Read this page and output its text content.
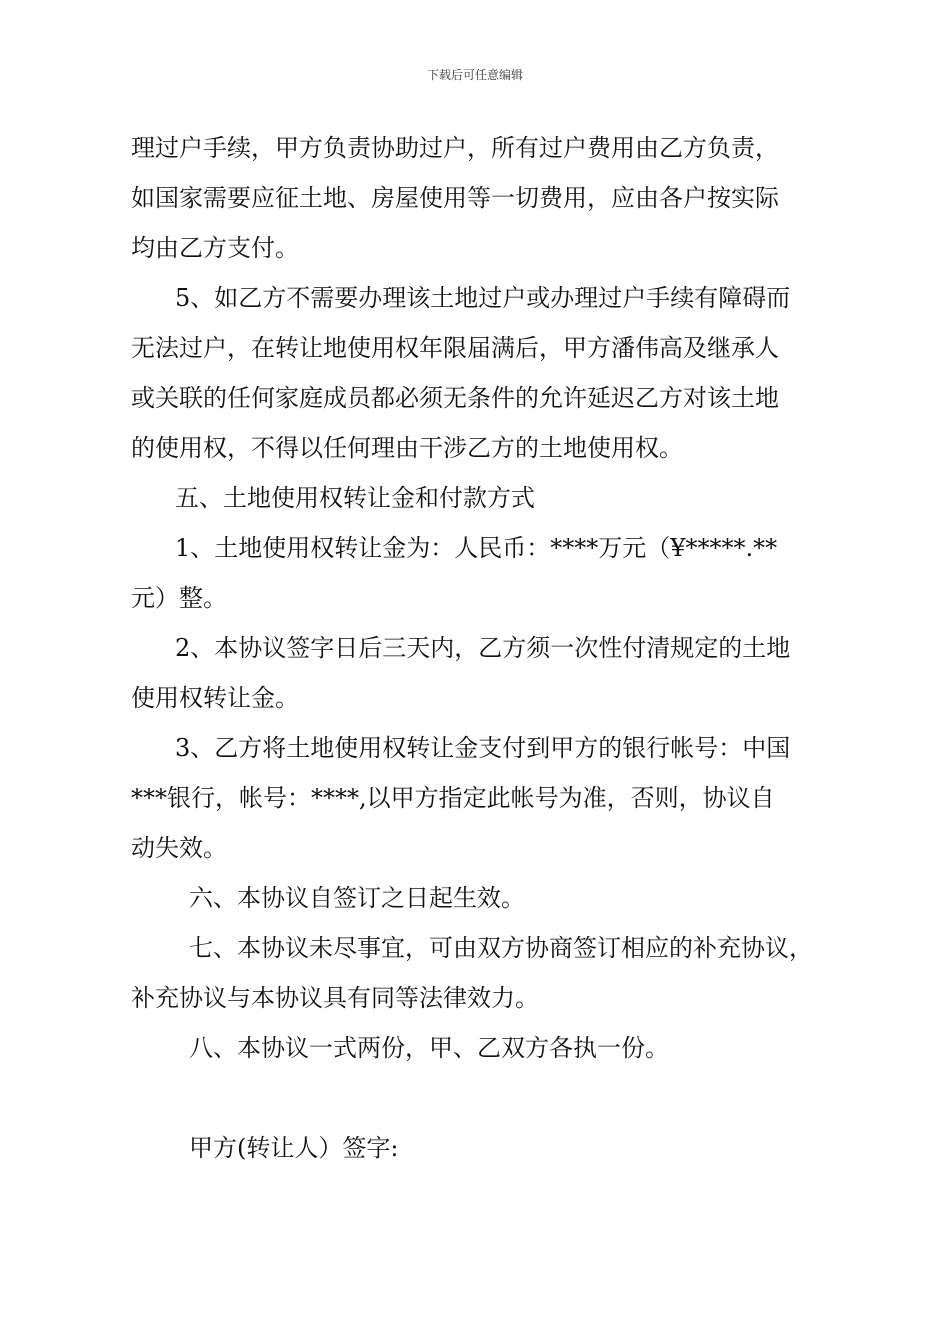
下载后可任意编辑
理过户手续，甲方负责协助过户，所有过户费用由乙方负责，
如国家需要应征土地、房屋使用等一切费用，应由各户按实际
均由乙方支付。
5、如乙方不需要办理该土地过户或办理过户手续有障碍而
无法过户，在转让地使用权年限届满后，甲方潘伟高及继承人
或关联的任何家庭成员都必须无条件的允许延迟乙方对该土地
的使用权，不得以任何理由干涉乙方的土地使用权。
五、土地使用权转让金和付款方式
1、土地使用权转让金为：人民币：****万元（¥*****.**
元）整。
2、本协议签字日后三天内，乙方须一次性付清规定的土地
使用权转让金。
3、乙方将土地使用权转让金支付到甲方的银行帐号：中国
***银行，帐号：****,以甲方指定此帐号为准，否则，协议自
动失效。
六、本协议自签订之日起生效。
七、本协议未尽事宜，可由双方协商签订相应的补充协议，
补充协议与本协议具有同等法律效力。
八、本协议一式两份，甲、乙双方各执一份。
甲方(转让人）签字:
